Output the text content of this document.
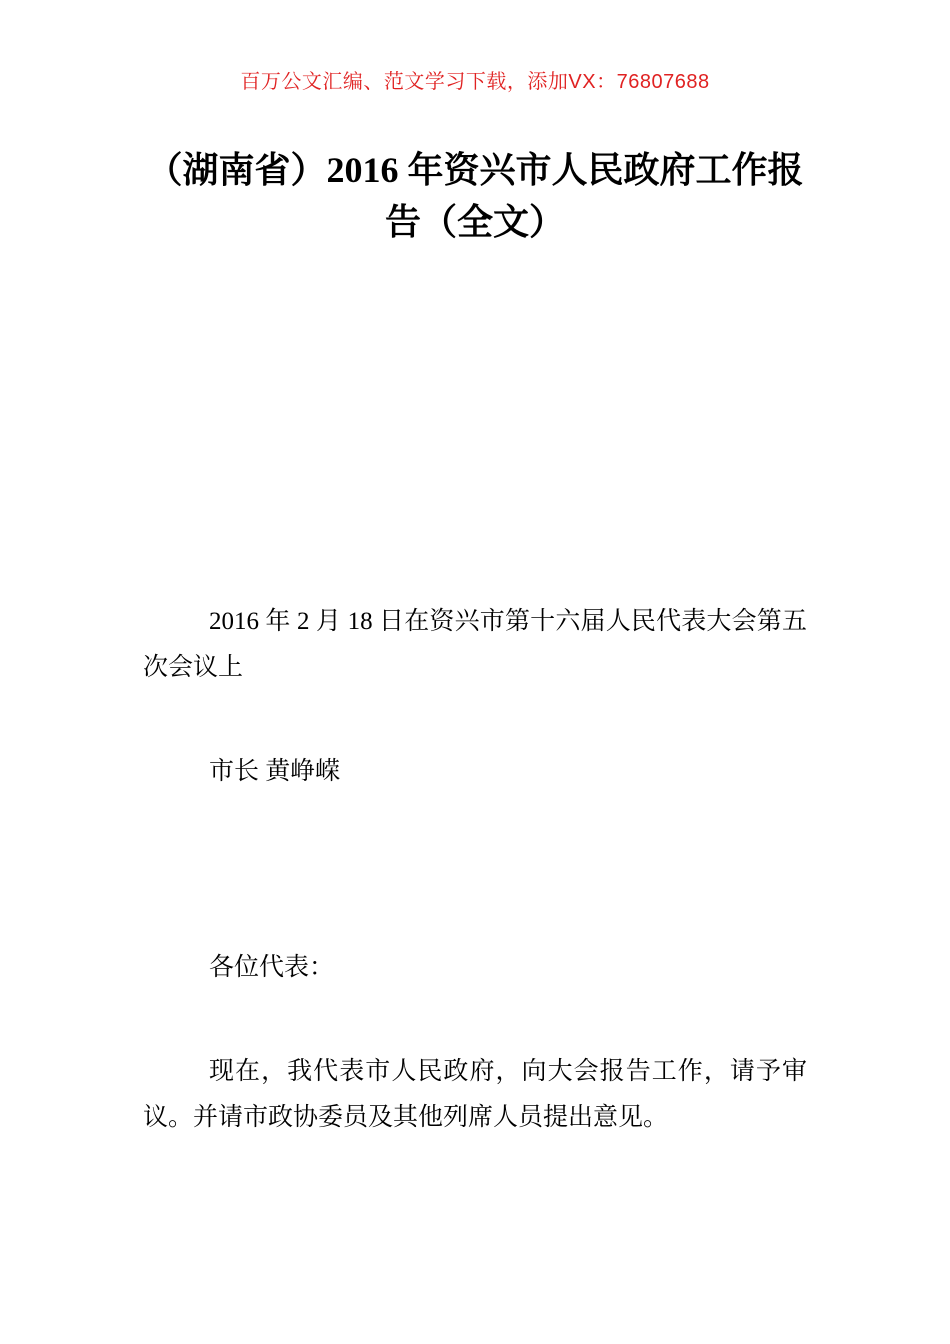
百万公文汇编、范文学习下载，添加VX：76807688

（湖南省）2016 年资兴市人民政府工作报
告（全文）

2016 年 2 月 18 日在资兴市第十六届人民代表大会第五次会议上

市长 黄峥嵘

各位代表：

现在，我代表市人民政府，向大会报告工作，请予审议。并请市政协委员及其他列席人员提出意见。
